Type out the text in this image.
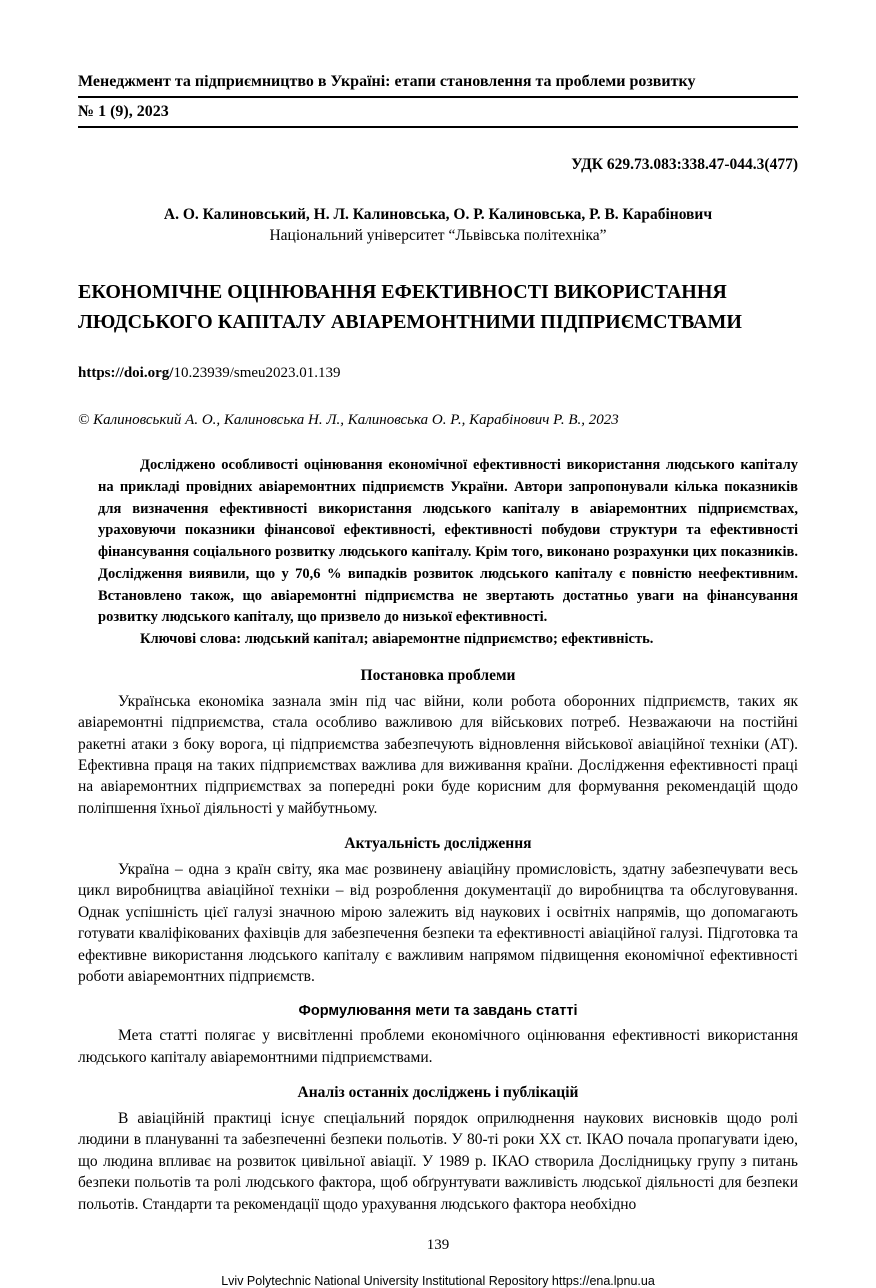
Менеджмент та підприємництво в Україні: етапи становлення та проблеми розвитку
№ 1 (9), 2023
УДК 629.73.083:338.47-044.3(477)
А. О. Калиновський, Н. Л. Калиновська, О. Р. Калиновська, Р. В. Карабінович
Національний університет “Львівська політехніка”
ЕКОНОМІЧНЕ ОЦІНЮВАННЯ ЕФЕКТИВНОСТІ ВИКОРИСТАННЯ ЛЮДСЬКОГО КАПІТАЛУ АВІАРЕМОНТНИМИ ПІДПРИЄМСТВАМИ
https://doi.org/10.23939/smeu2023.01.139
© Калиновський А. О., Калиновська Н. Л., Калиновська О. Р., Карабінович Р. В., 2023

Досліджено особливості оцінювання економічної ефективності використання людського капіталу на прикладі провідних авіаремонтних підприємств України. Автори запропонували кілька показників для визначення ефективності використання людського капіталу в авіаремонтних підприємствах, ураховуючи показники фінансової ефективності, ефективності побудови структури та ефективності фінансування соціального розвитку людського капіталу. Крім того, виконано розрахунки цих показників. Дослідження виявили, що у 70,6 % випадків розвиток людського капіталу є повністю неефективним. Встановлено також, що авіаремонтні підприємства не звертають достатньо уваги на фінансування розвитку людського капіталу, що призвело до низької ефективності.

Ключові слова: людський капітал; авіаремонтне підприємство; ефективність.

Постановка проблеми

Українська економіка зазнала змін під час війни, коли робота оборонних підприємств, таких як авіаремонтні підприємства, стала особливо важливою для військових потреб. Незважаючи на постійні ракетні атаки з боку ворога, ці підприємства забезпечують відновлення військової авіаційної техніки (АТ). Ефективна праця на таких підприємствах важлива для виживання країни. Дослідження ефективності праці на авіаремонтних підприємствах за попередні роки буде корисним для формування рекомендацій щодо поліпшення їхньої діяльності у майбутньому.

Актуальність дослідження

Україна – одна з країн світу, яка має розвинену авіаційну промисловість, здатну забезпечувати весь цикл виробництва авіаційної техніки – від розроблення документації до виробництва та обслуговування. Однак успішність цієї галузі значною мірою залежить від наукових і освітніх напрямів, що допомагають готувати кваліфікованих фахівців для забезпечення безпеки та ефективності авіаційної галузі. Підготовка та ефективне використання людського капіталу є важливим напрямом підвищення економічної ефективності роботи авіаремонтних підприємств.

Формулювання мети та завдань статті

Мета статті полягає у висвітленні проблеми економічного оцінювання ефективності використання людського капіталу авіаремонтними підприємствами.

Аналіз останніх досліджень і публікацій

В авіаційній практиці існує спеціальний порядок оприлюднення наукових висновків щодо ролі людини в плануванні та забезпеченні безпеки польотів. У 80-ті роки ХХ ст. ІКАО почала пропагувати ідею, що людина впливає на розвиток цивільної авіації. У 1989 р. ІКАО створила Дослідницьку групу з питань безпеки польотів та ролі людського фактора, щоб обґрунтувати важливість людської діяльності для безпеки польотів. Стандарти та рекомендації щодо урахування людського фактора необхідно

139
Lviv Polytechnic National University Institutional Repository https://ena.lpnu.ua
